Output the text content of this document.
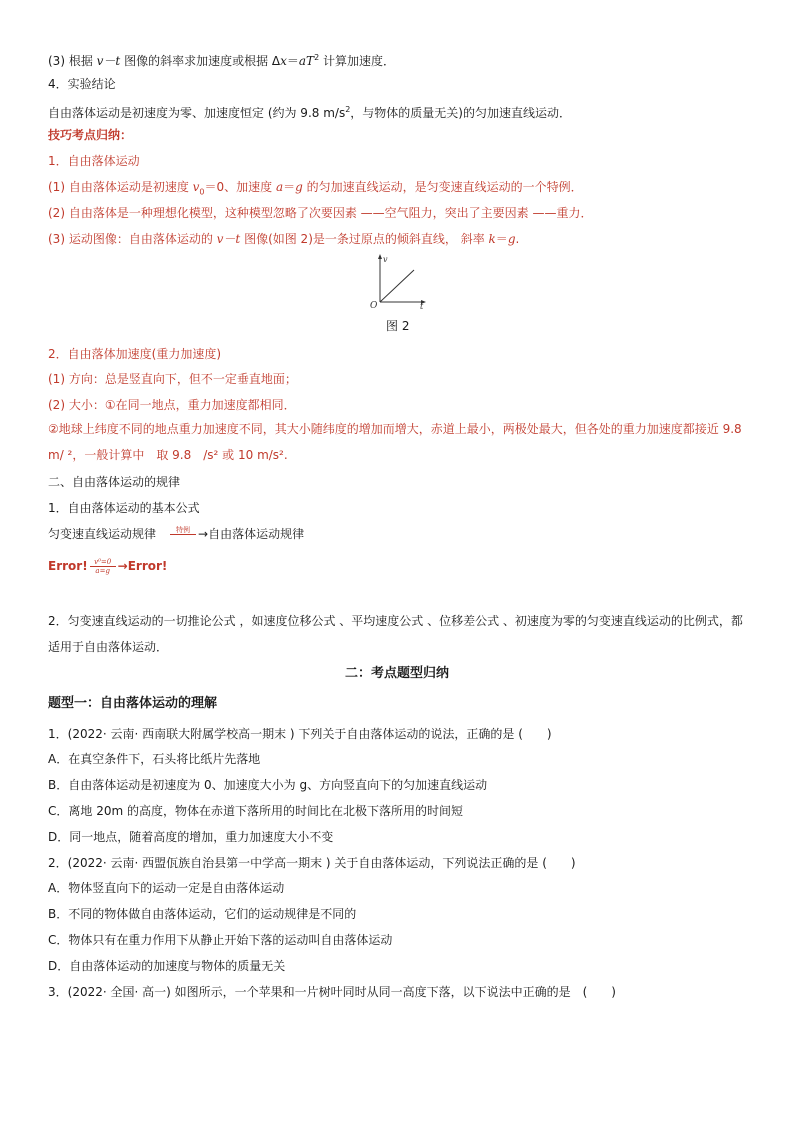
(3) 根据 v－t 图像的斜率求加速度或根据 $\Delta x=aT^2$ 计算加速度．
4．实验结论
自由落体运动是初速度为零、加速度恒定 (约为 9.8 $m/s^2$，与物体的质量无关)的匀加速直线运动．
技巧考点归纳：
1．自由落体运动
(1) 自由落体运动是初速度 $v_0=0$、加速度 a＝g 的匀加速直线运动，是匀变速直线运动的一个特例．
(2) 自由落体是一种理想化模型，这种模型忽略了次要因素 ——空气阻力，突出了主要因素 ——重力．
(3) 运动图像：自由落体运动的 v－t 图像(如图 2)是一条过原点的倾斜直线， 斜率 k＝g.
v
O	t
图 2
2．自由落体加速度(重力加速度)
(1) 方向：总是竖直向下，但不一定垂直地面；
(2) 大小：①在同一地点，重力加速度都相同．
②地球上纬度不同的地点重力加速度不同，其大小随纬度的增加而增大，赤道上最小，两极处最大，但各处的重力加速度都接近 9.8 m/ ²，一般计算中　取 9.8　/s² 或 10 m/s².
二、自由落体运动的规律
1．自由落体运动的基本公式
匀变速直线运动规律　	特例
→自由落体运动规律
Error! $\frac{\text{v⁰=0}}{a=g}$ →Error!
2．匀变速直线运动的一切推论公式 ，如速度位移公式 、平均速度公式 、位移差公式 、初速度为零的匀变速直线运动的比例式，都适用于自由落体运动．
二：考点题型归纳
题型一：自由落体运动的理解
1．(2022· 云南· 西南联大附属学校高一期末 ) 下列关于自由落体运动的说法，正确的是 (　　)
A．在真空条件下，石头将比纸片先落地
B．自由落体运动是初速度为 0、加速度大小为 g、方向竖直向下的匀加速直线运动
C．离地 20m 的高度，物体在赤道下落所用的时间比在北极下落所用的时间短
D．同一地点，随着高度的增加，重力加速度大小不变
2．(2022· 云南· 西盟佤族自治县第一中学高一期末 ) 关于自由落体运动，下列说法正确的是 (　　)
A．物体竖直向下的运动一定是自由落体运动
B．不同的物体做自由落体运动，它们的运动规律是不同的
C．物体只有在重力作用下从静止开始下落的运动叫自由落体运动
D．自由落体运动的加速度与物体的质量无关
3．(2022· 全国· 高一) 如图所示，一个苹果和一片树叶同时从同一高度下落，以下说法中正确的是　(　　)
